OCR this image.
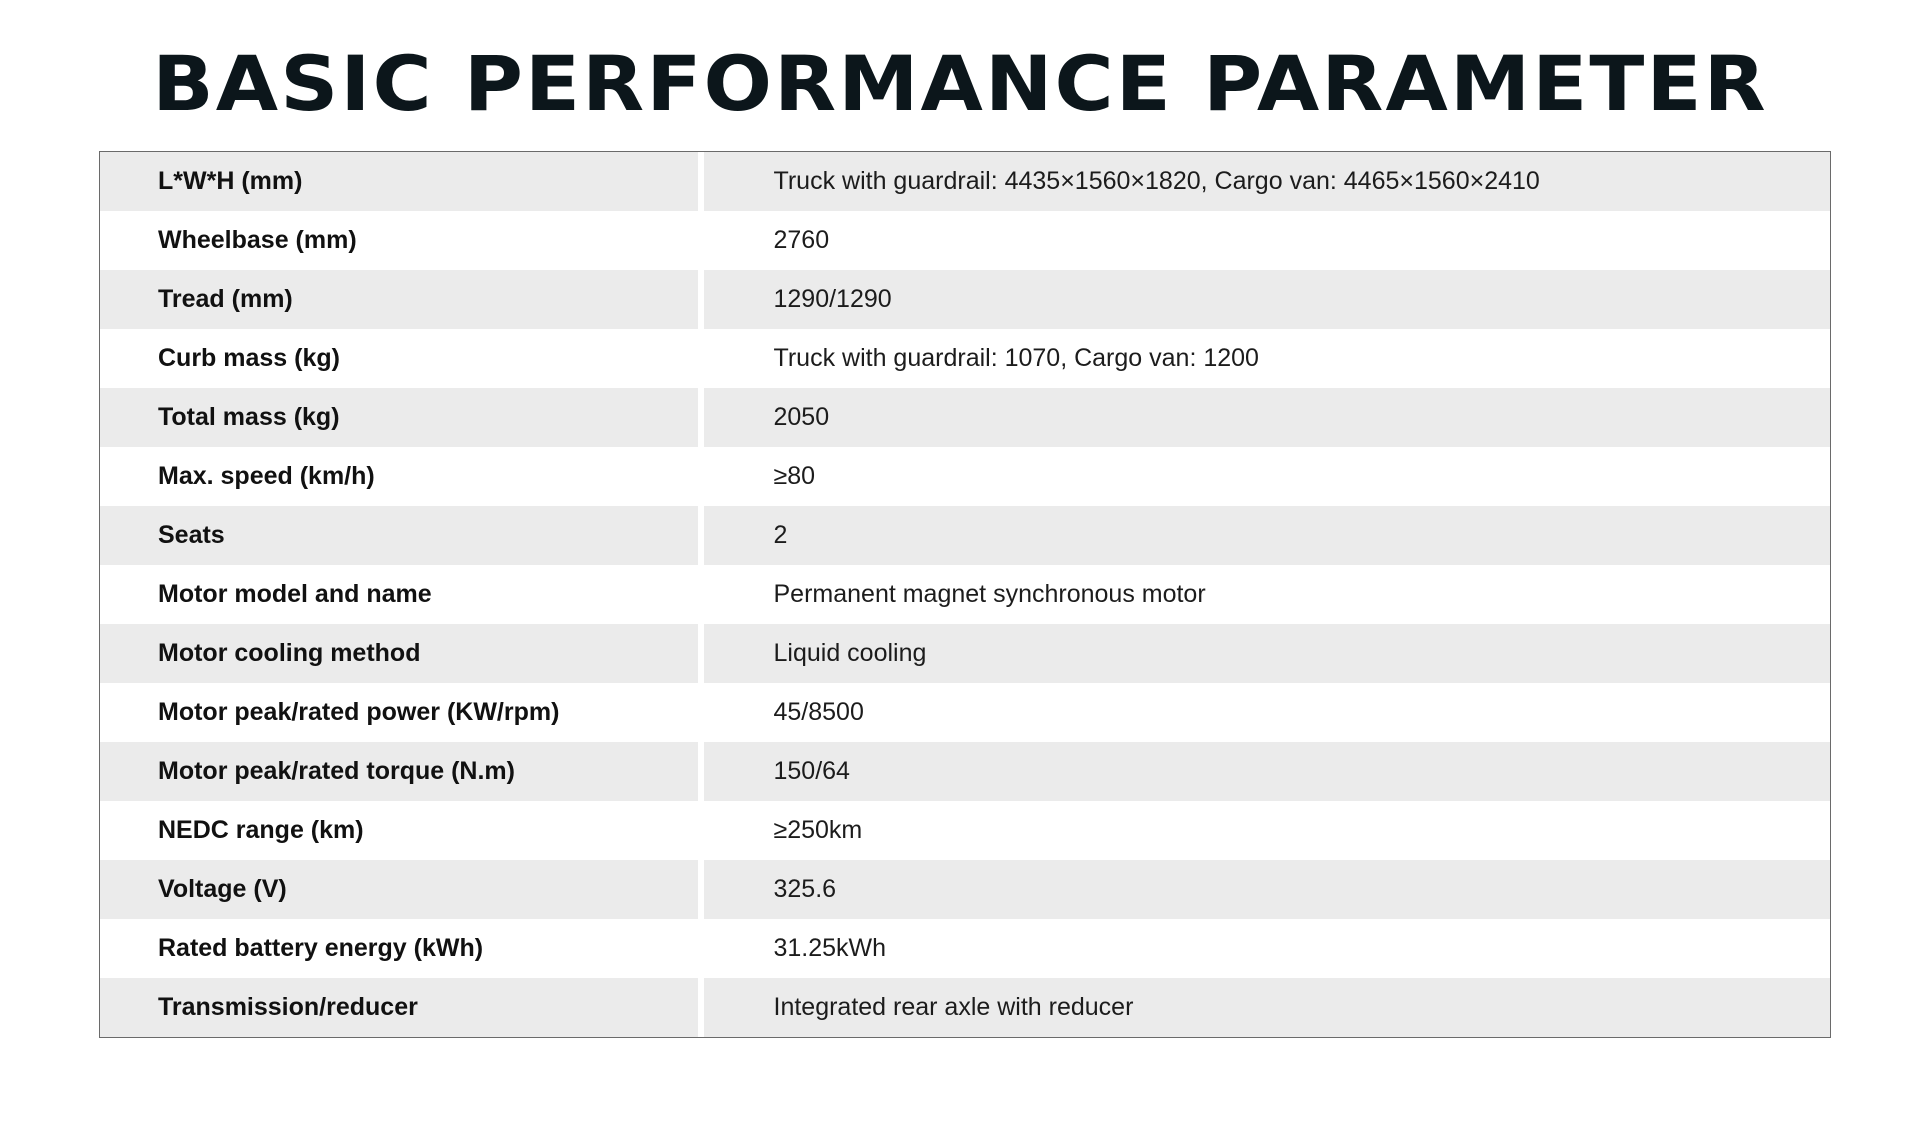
BASIC PERFORMANCE PARAMETER
L*W*H (mm)		Truck with guardrail: 4435×1560×1820, Cargo van: 4465×1560×2410
Wheelbase (mm)		2760
Tread (mm)		1290/1290
Curb mass (kg)		Truck with guardrail: 1070, Cargo van: 1200
Total mass (kg)		2050
Max. speed (km/h)		≥80
Seats		2
Motor model and name		Permanent magnet synchronous motor
Motor cooling method		Liquid cooling
Motor peak/rated power (KW/rpm)		45/8500
Motor peak/rated torque (N.m)		150/64
NEDC range (km)		≥250km
Voltage (V)		325.6
Rated battery energy (kWh)		31.25kWh
Transmission/reducer		Integrated rear axle with reducer
